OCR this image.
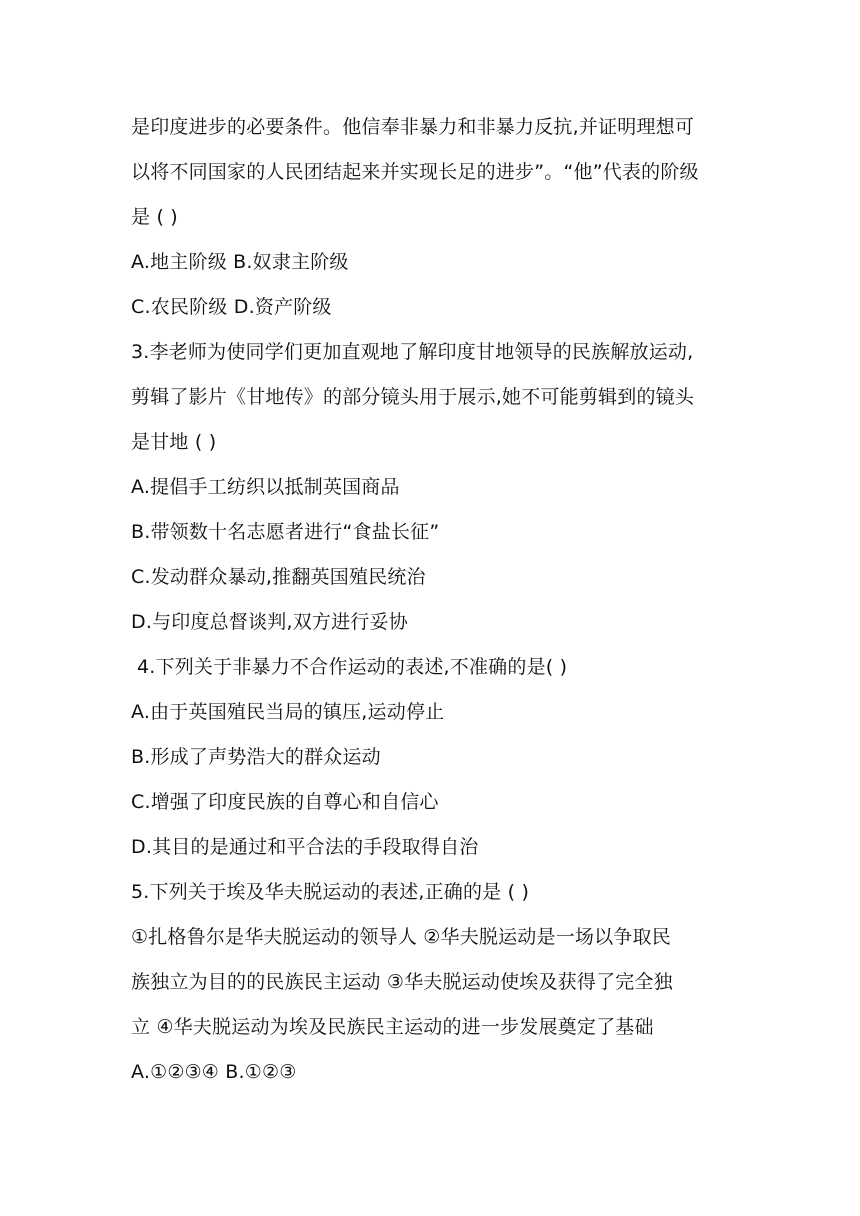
是印度进步的必要条件。他信奉非暴力和非暴力反抗,并证明理想可
以将不同国家的人民团结起来并实现长足的进步”。“他”代表的阶级
是 ( )
A.地主阶级 B.奴隶主阶级
C.农民阶级 D.资产阶级
3.李老师为使同学们更加直观地了解印度甘地领导的民族解放运动,
剪辑了影片《甘地传》的部分镜头用于展示,她不可能剪辑到的镜头
是甘地 ( )
A.提倡手工纺织以抵制英国商品
B.带领数十名志愿者进行“食盐长征”
C.发动群众暴动,推翻英国殖民统治
D.与印度总督谈判,双方进行妥协
4.下列关于非暴力不合作运动的表述,不准确的是( )
A.由于英国殖民当局的镇压,运动停止
B.形成了声势浩大的群众运动
C.增强了印度民族的自尊心和自信心
D.其目的是通过和平合法的手段取得自治
5.下列关于埃及华夫脱运动的表述,正确的是 ( )
①扎格鲁尔是华夫脱运动的领导人 ②华夫脱运动是一场以争取民
族独立为目的的民族民主运动 ③华夫脱运动使埃及获得了完全独
立 ④华夫脱运动为埃及民族民主运动的进一步发展奠定了基础
A.①②③④ B.①②③
